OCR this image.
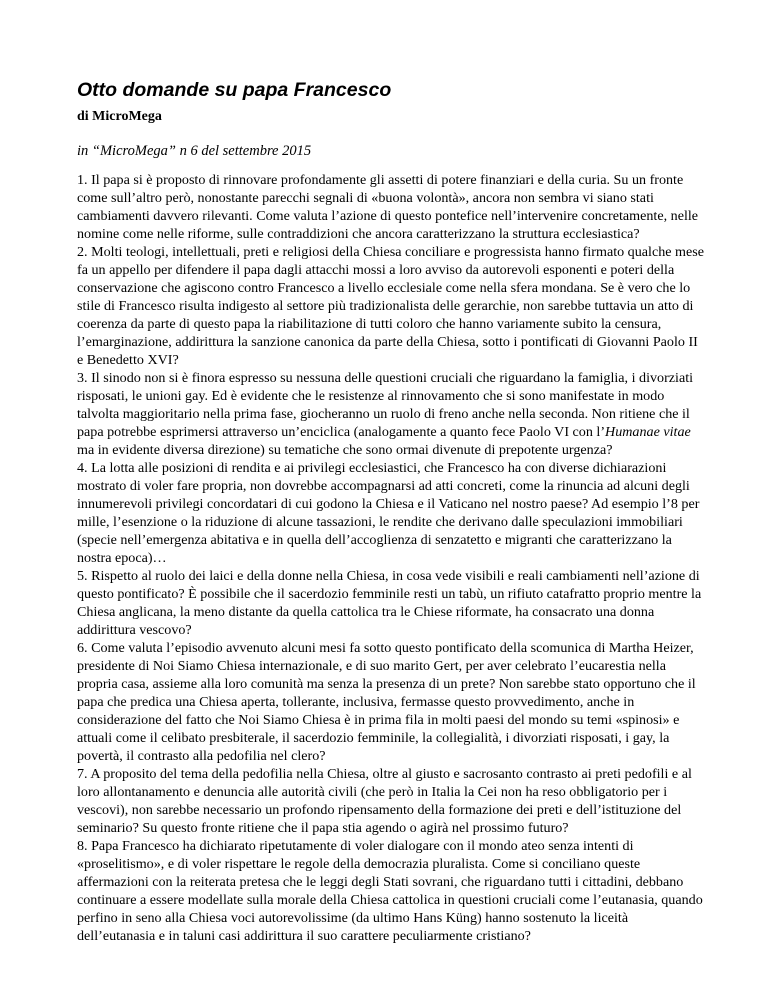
Otto domande su papa Francesco

di MicroMega

in “MicroMega” n 6 del settembre 2015

1. Il papa si è proposto di rinnovare profondamente gli assetti di potere finanziari e della curia. Su un fronte come sull’altro però, nonostante parecchi segnali di «buona volontà», ancora non sembra vi siano stati cambiamenti davvero rilevanti. Come valuta l’azione di questo pontefice nell’intervenire concretamente, nelle nomine come nelle riforme, sulle contraddizioni che ancora caratterizzano la struttura ecclesiastica?

2. Molti teologi, intellettuali, preti e religiosi della Chiesa conciliare e progressista hanno firmato qualche mese fa un appello per difendere il papa dagli attacchi mossi a loro avviso da autorevoli esponenti e poteri della conservazione che agiscono contro Francesco a livello ecclesiale come nella sfera mondana. Se è vero che lo stile di Francesco risulta indigesto al settore più tradizionalista delle gerarchie, non sarebbe tuttavia un atto di coerenza da parte di questo papa la riabilitazione di tutti coloro che hanno variamente subito la censura, l’emarginazione, addirittura la sanzione canonica da parte della Chiesa, sotto i pontificati di Giovanni Paolo II e Benedetto XVI?

3. Il sinodo non si è finora espresso su nessuna delle questioni cruciali che riguardano la famiglia, i divorziati risposati, le unioni gay. Ed è evidente che le resistenze al rinnovamento che si sono manifestate in modo talvolta maggioritario nella prima fase, giocheranno un ruolo di freno anche nella seconda. Non ritiene che il papa potrebbe esprimersi attraverso un’enciclica (analogamente a quanto fece Paolo VI con l’Humanae vitae ma in evidente diversa direzione) su tematiche che sono ormai divenute di prepotente urgenza?

4. La lotta alle posizioni di rendita e ai privilegi ecclesiastici, che Francesco ha con diverse dichiarazioni mostrato di voler fare propria, non dovrebbe accompagnarsi ad atti concreti, come la rinuncia ad alcuni degli innumerevoli privilegi concordatari di cui godono la Chiesa e il Vaticano nel nostro paese? Ad esempio l’8 per mille, l’esenzione o la riduzione di alcune tassazioni, le rendite che derivano dalle speculazioni immobiliari (specie nell’emergenza abitativa e in quella dell’accoglienza di senzatetto e migranti che caratterizzano la nostra epoca)…

5. Rispetto al ruolo dei laici e della donne nella Chiesa, in cosa vede visibili e reali cambiamenti nell’azione di questo pontificato? È possibile che il sacerdozio femminile resti un tabù, un rifiuto catafratto proprio mentre la Chiesa anglicana, la meno distante da quella cattolica tra le Chiese riformate, ha consacrato una donna addirittura vescovo?

6. Come valuta l’episodio avvenuto alcuni mesi fa sotto questo pontificato della scomunica di Martha Heizer, presidente di Noi Siamo Chiesa internazionale, e di suo marito Gert, per aver celebrato l’eucarestia nella propria casa, assieme alla loro comunità ma senza la presenza di un prete? Non sarebbe stato opportuno che il papa che predica una Chiesa aperta, tollerante, inclusiva, fermasse questo provvedimento, anche in considerazione del fatto che Noi Siamo Chiesa è in prima fila in molti paesi del mondo su temi «spinosi» e attuali come il celibato presbiterale, il sacerdozio femminile, la collegialità, i divorziati risposati, i gay, la povertà, il contrasto alla pedofilia nel clero?

7. A proposito del tema della pedofilia nella Chiesa, oltre al giusto e sacrosanto contrasto ai preti pedofili e al loro allontanamento e denuncia alle autorità civili (che però in Italia la Cei non ha reso obbligatorio per i vescovi), non sarebbe necessario un profondo ripensamento della formazione dei preti e dell’istituzione del seminario? Su questo fronte ritiene che il papa stia agendo o agirà nel prossimo futuro?

8. Papa Francesco ha dichiarato ripetutamente di voler dialogare con il mondo ateo senza intenti di «proselitismo», e di voler rispettare le regole della democrazia pluralista. Come si conciliano queste affermazioni con la reiterata pretesa che le leggi degli Stati sovrani, che riguardano tutti i cittadini, debbano continuare a essere modellate sulla morale della Chiesa cattolica in questioni cruciali come l’eutanasia, quando perfino in seno alla Chiesa voci autorevolissime (da ultimo Hans Küng) hanno sostenuto la liceità dell’eutanasia e in taluni casi addirittura il suo carattere peculiarmente cristiano?
